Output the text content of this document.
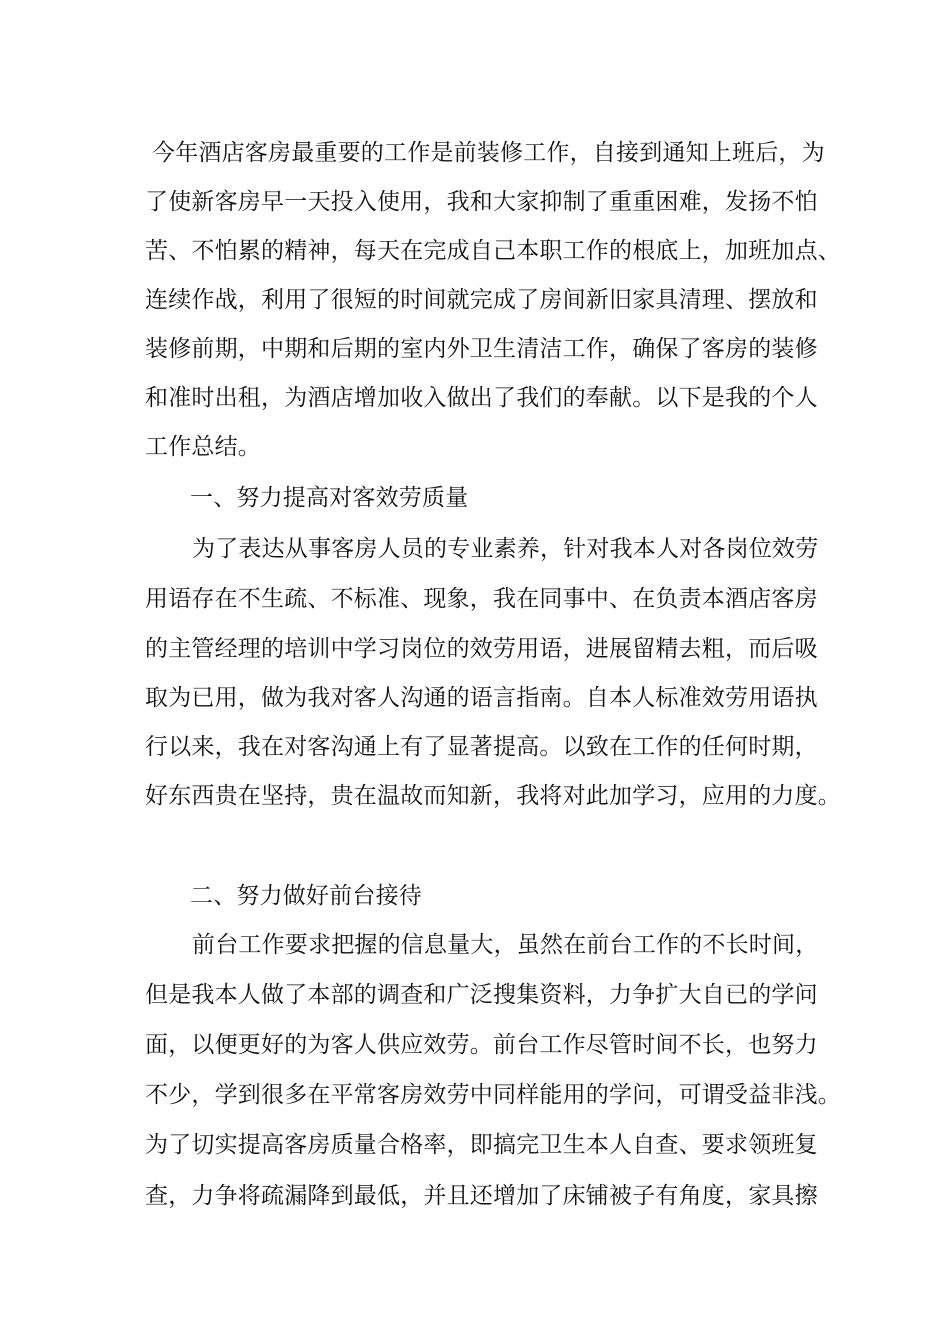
今年酒店客房最重要的工作是前装修工作，自接到通知上班后，为
了使新客房早一天投入使用，我和大家抑制了重重困难，发扬不怕
苦、不怕累的精神，每天在完成自己本职工作的根底上，加班加点、
连续作战，利用了很短的时间就完成了房间新旧家具清理、摆放和
装修前期，中期和后期的室内外卫生清洁工作，确保了客房的装修
和准时出租，为酒店增加收入做出了我们的奉献。以下是我的个人
工作总结。
一、努力提高对客效劳质量
为了表达从事客房人员的专业素养，针对我本人对各岗位效劳
用语存在不生疏、不标准、现象，我在同事中、在负责本酒店客房
的主管经理的培训中学习岗位的效劳用语，进展留精去粗，而后吸
取为已用，做为我对客人沟通的语言指南。自本人标准效劳用语执
行以来，我在对客沟通上有了显著提高。以致在工作的任何时期，
好东西贵在坚持，贵在温故而知新，我将对此加学习，应用的力度。
二、努力做好前台接待
前台工作要求把握的信息量大，虽然在前台工作的不长时间，
但是我本人做了本部的调查和广泛搜集资料，力争扩大自已的学问
面，以便更好的为客人供应效劳。前台工作尽管时间不长，也努力
不少，学到很多在平常客房效劳中同样能用的学问，可谓受益非浅。
为了切实提高客房质量合格率，即搞完卫生本人自查、要求领班复
查，力争将疏漏降到最低，并且还增加了床铺被子有角度，家具擦
